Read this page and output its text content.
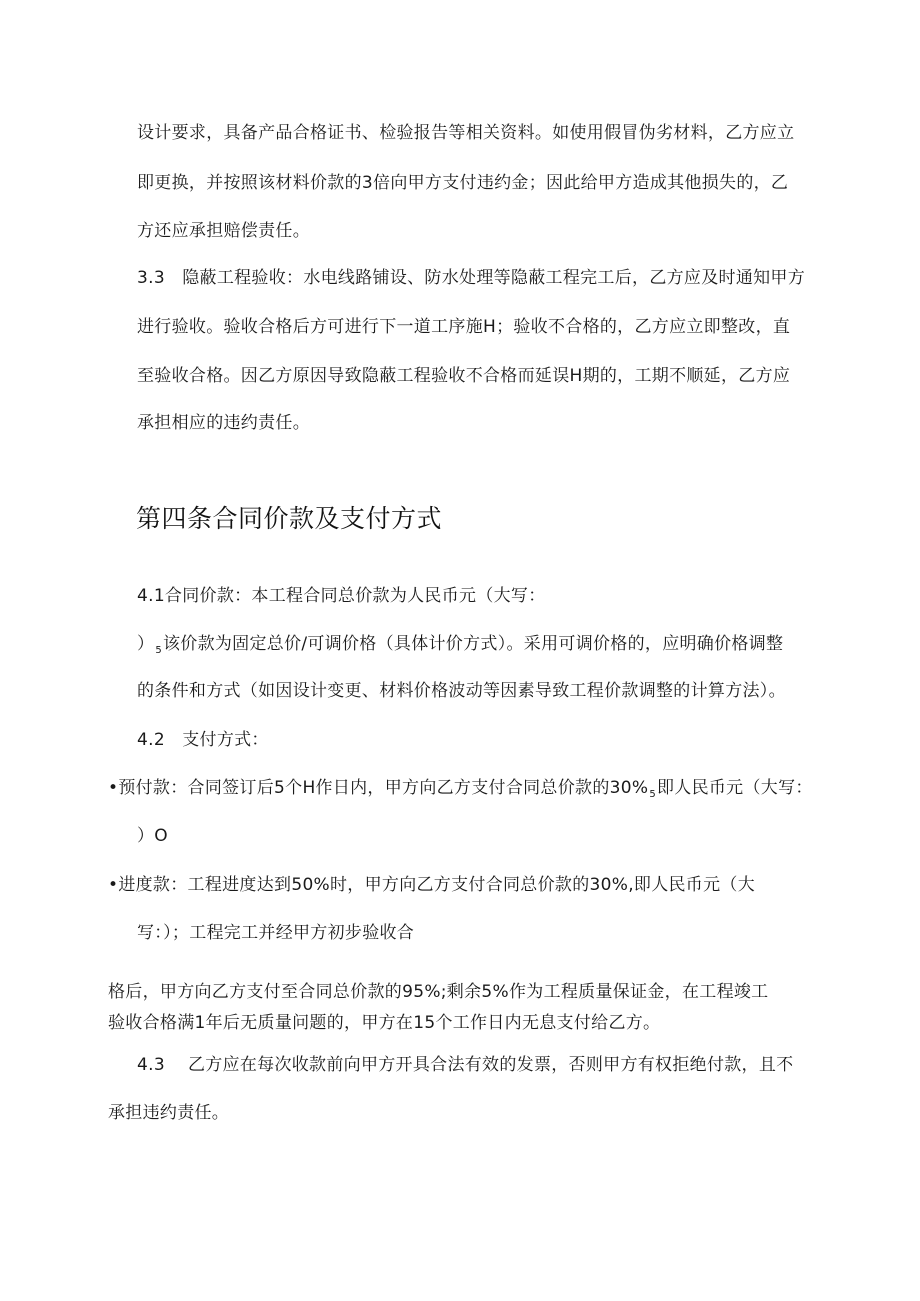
设计要求，具备产品合格证书、检验报告等相关资料。如使用假冒伪劣材料，乙方应立
即更换，并按照该材料价款的3倍向甲方支付违约金；因此给甲方造成其他损失的，乙
方还应承担赔偿责任。
3.3　隐蔽工程验收：水电线路铺设、防水处理等隐蔽工程完工后，乙方应及时通知甲方
进行验收。验收合格后方可进行下一道工序施H；验收不合格的，乙方应立即整改，直
至验收合格。因乙方原因导致隐蔽工程验收不合格而延误H期的，工期不顺延，乙方应
承担相应的违约责任。
第四条合同价款及支付方式
4.1合同价款：本工程合同总价款为人民币元（大写：
）$_5$该价款为固定总价/可调价格（具体计价方式）。采用可调价格的，应明确价格调整
的条件和方式（如因设计变更、材料价格波动等因素导致工程价款调整的计算方法）。
4.2　支付方式：
•预付款：合同签订后5个H作日内，甲方向乙方支付合同总价款的$30\%_5$即人民币元（大写：
）O
•进度款：工程进度达到50%时，甲方向乙方支付合同总价款的30%,即人民币元（大
写：）；工程完工并经甲方初步验收合
格后，甲方向乙方支付至合同总价款的95%;剩余5%作为工程质量保证金，在工程竣工
验收合格满1年后无质量问题的，甲方在15个工作日内无息支付给乙方。
4.3　 乙方应在每次收款前向甲方开具合法有效的发票，否则甲方有权拒绝付款，且不
承担违约责任。
